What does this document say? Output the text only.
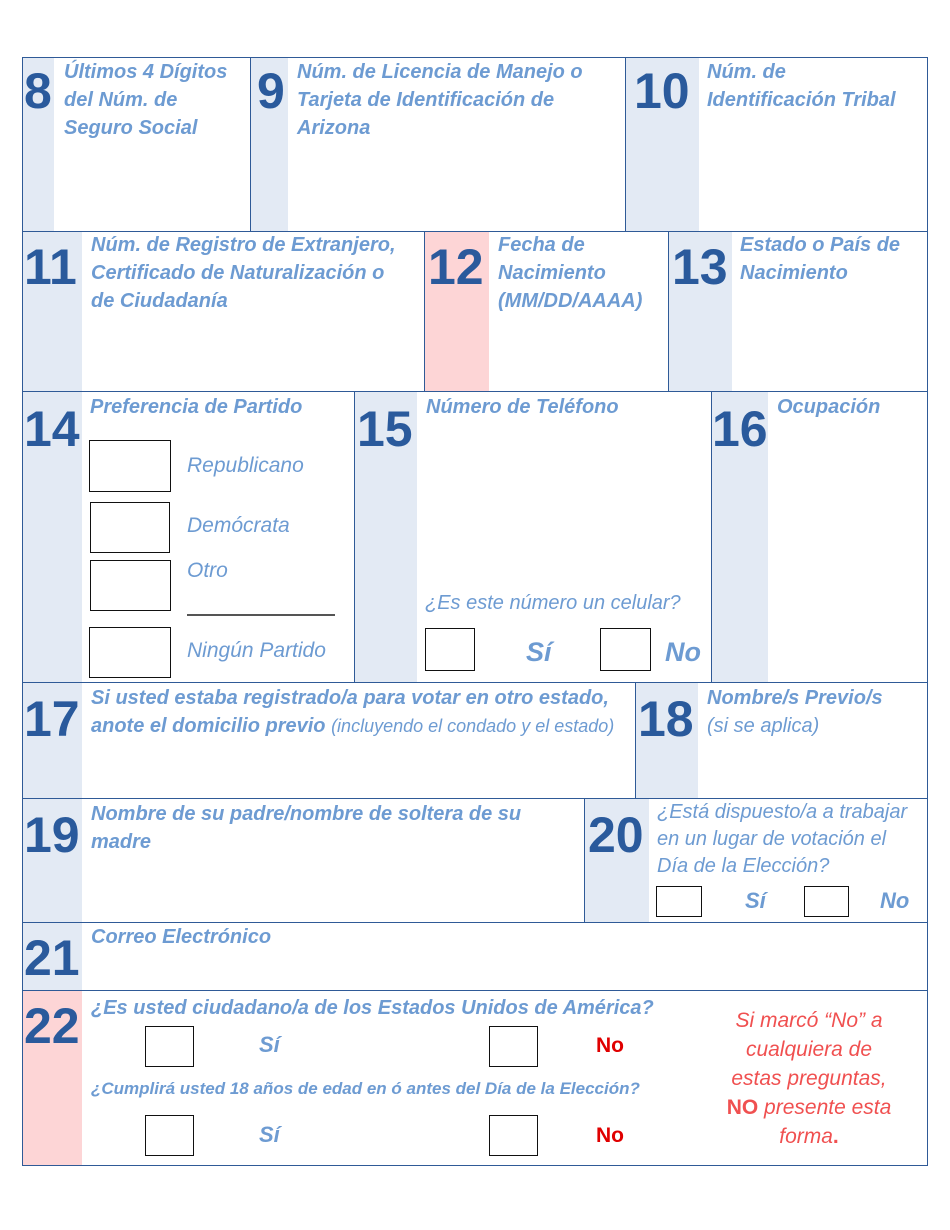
8 Últimos 4 Dígitos
del Núm. de
Seguro Social
9 Núm. de Licencia de Manejo o
Tarjeta de Identificación de
Arizona
10 Núm. de
Identificación Tribal
11 Núm. de Registro de Extranjero,
Certificado de Naturalización o
de Ciudadanía
12 Fecha de
Nacimiento
(MM/DD/AAAA)
13 Estado o País de
Nacimiento
14 Preferencia de Partido
Republicano
Demócrata
Otro
Ningún Partido
15 Número de Teléfono
¿Es este número un celular?
Sí	No
16 Ocupación
17 Si usted estaba registrado/a para votar en otro estado,
anote el domicilio previo (incluyendo el condado y el estado) 18 Nombre/s Previo/s
(si se aplica)
19 Nombre de su padre/nombre de soltera de su
madre	20 ¿Está dispuesto/a a trabajar
en un lugar de votación el
Día de la Elección?
Sí	No
21 Correo Electrónico
22 ¿Es usted ciudadano/a de los Estados Unidos de América?
Sí	No
¿Cumplirá usted 18 años de edad en ó antes del Día de la Elección?
Sí	No
Si marcó “No” a
cualquiera de
estas preguntas,
NO presente esta
forma.
